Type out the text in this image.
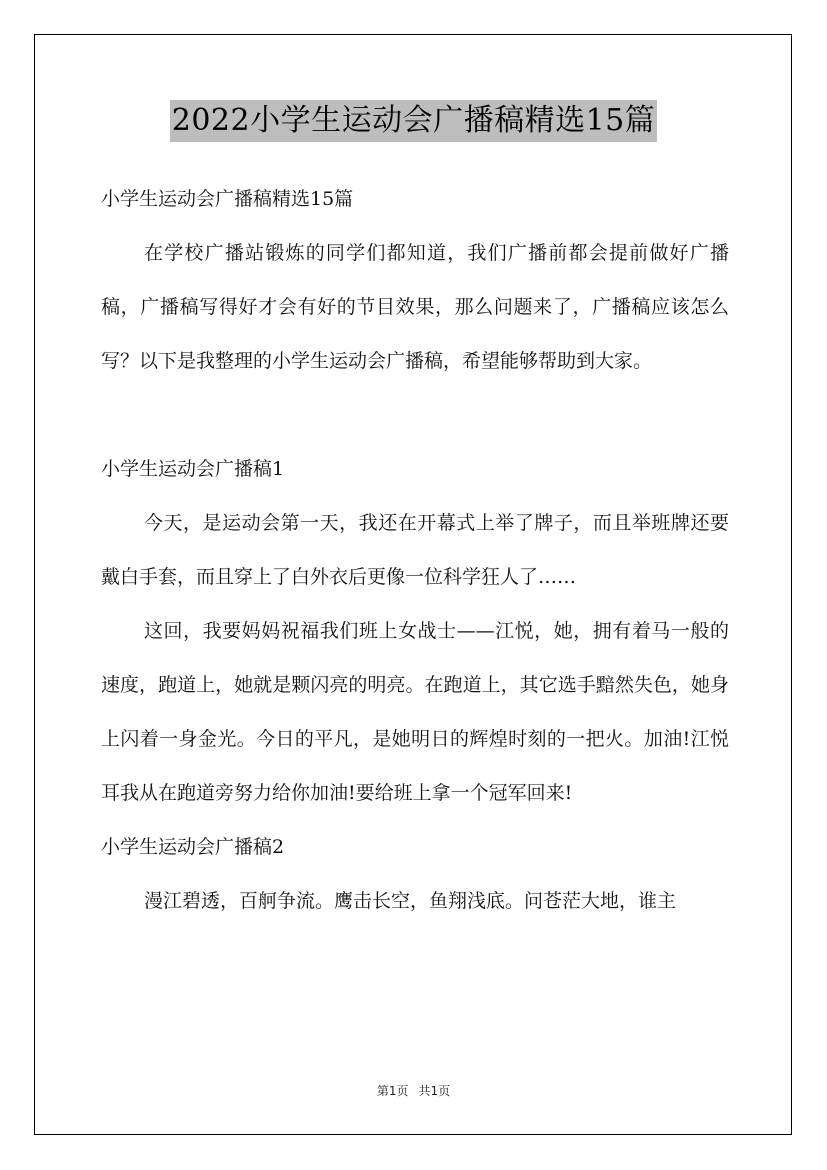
2022小学生运动会广播稿精选15篇

小学生运动会广播稿精选15篇

在学校广播站锻炼的同学们都知道，我们广播前都会提前做好广播稿，广播稿写得好才会有好的节目效果，那么问题来了，广播稿应该怎么写？以下是我整理的小学生运动会广播稿，希望能够帮助到大家。

小学生运动会广播稿1

今天，是运动会第一天，我还在开幕式上举了牌子，而且举班牌还要戴白手套，而且穿上了白外衣后更像一位科学狂人了……

这回，我要妈妈祝福我们班上女战士——江悦，她，拥有着马一般的速度，跑道上，她就是颗闪亮的明亮。在跑道上，其它选手黯然失色，她身上闪着一身金光。今日的平凡，是她明日的辉煌时刻的一把火。加油!江悦耳我从在跑道旁努力给你加油!要给班上拿一个冠军回来!

小学生运动会广播稿2

漫江碧透，百舸争流。鹰击长空，鱼翔浅底。问苍茫大地，谁主

第1页 共1页
